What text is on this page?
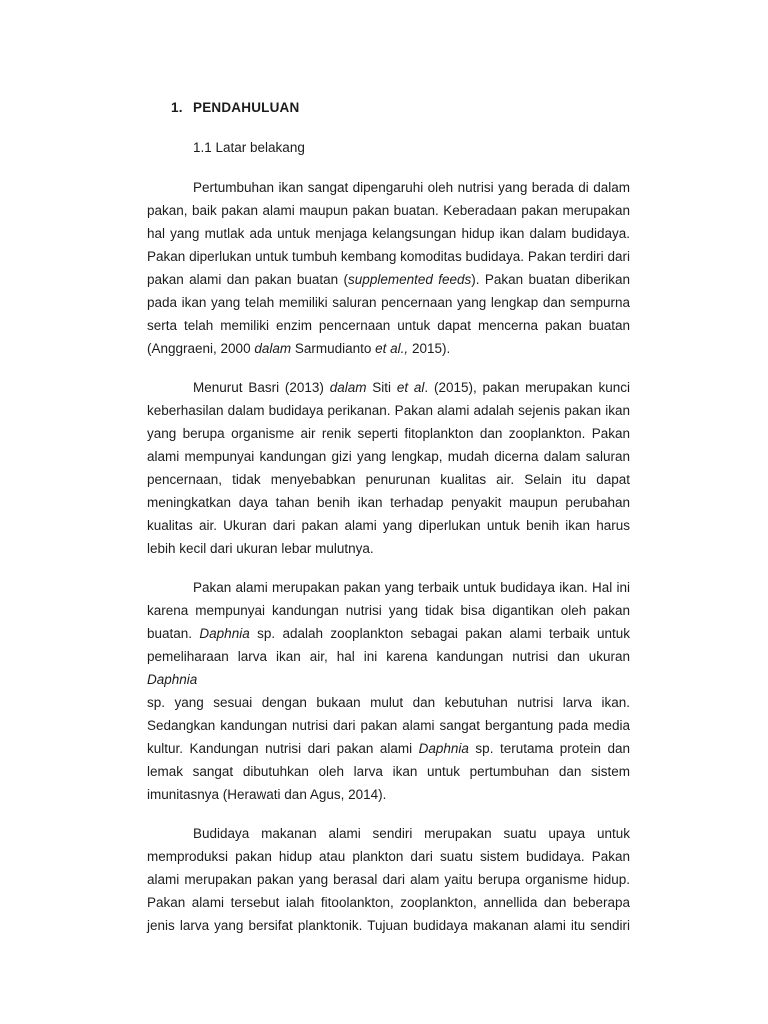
1. PENDAHULUAN
1.1 Latar belakang
Pertumbuhan ikan sangat dipengaruhi oleh nutrisi yang berada di dalam
pakan, baik pakan alami maupun pakan buatan. Keberadaan pakan merupakan
hal yang mutlak ada untuk menjaga kelangsungan hidup ikan dalam budidaya.
Pakan diperlukan untuk tumbuh kembang komoditas budidaya. Pakan terdiri dari
pakan alami dan pakan buatan (supplemented feeds). Pakan buatan diberikan
pada ikan yang telah memiliki saluran pencernaan yang lengkap dan sempurna
serta telah memiliki enzim pencernaan untuk dapat mencerna pakan buatan
(Anggraeni, 2000 dalam Sarmudianto et al., 2015).
Menurut Basri (2013) dalam Siti et al. (2015), pakan merupakan kunci
keberhasilan dalam budidaya perikanan. Pakan alami adalah sejenis pakan ikan
yang berupa organisme air renik seperti fitoplankton dan zooplankton. Pakan
alami mempunyai kandungan gizi yang lengkap, mudah dicerna dalam saluran
pencernaan, tidak menyebabkan penurunan kualitas air. Selain itu dapat
meningkatkan daya tahan benih ikan terhadap penyakit maupun perubahan
kualitas air. Ukuran dari pakan alami yang diperlukan untuk benih ikan harus
lebih kecil dari ukuran lebar mulutnya.
Pakan alami merupakan pakan yang terbaik untuk budidaya ikan. Hal ini
karena mempunyai kandungan nutrisi yang tidak bisa digantikan oleh pakan
buatan. Daphnia sp. adalah zooplankton sebagai pakan alami terbaik untuk
pemeliharaan larva ikan air, hal ini karena kandungan nutrisi dan ukuran Daphnia
sp. yang sesuai dengan bukaan mulut dan kebutuhan nutrisi larva ikan.
Sedangkan kandungan nutrisi dari pakan alami sangat bergantung pada media
kultur. Kandungan nutrisi dari pakan alami Daphnia sp. terutama protein dan
lemak sangat dibutuhkan oleh larva ikan untuk pertumbuhan dan sistem
imunitasnya (Herawati dan Agus, 2014).
Budidaya makanan alami sendiri merupakan suatu upaya untuk
memproduksi pakan hidup atau plankton dari suatu sistem budidaya. Pakan
alami merupakan pakan yang berasal dari alam yaitu berupa organisme hidup.
Pakan alami tersebut ialah fitoolankton, zooplankton, annellida dan beberapa
jenis larva yang bersifat planktonik. Tujuan budidaya makanan alami itu sendiri
